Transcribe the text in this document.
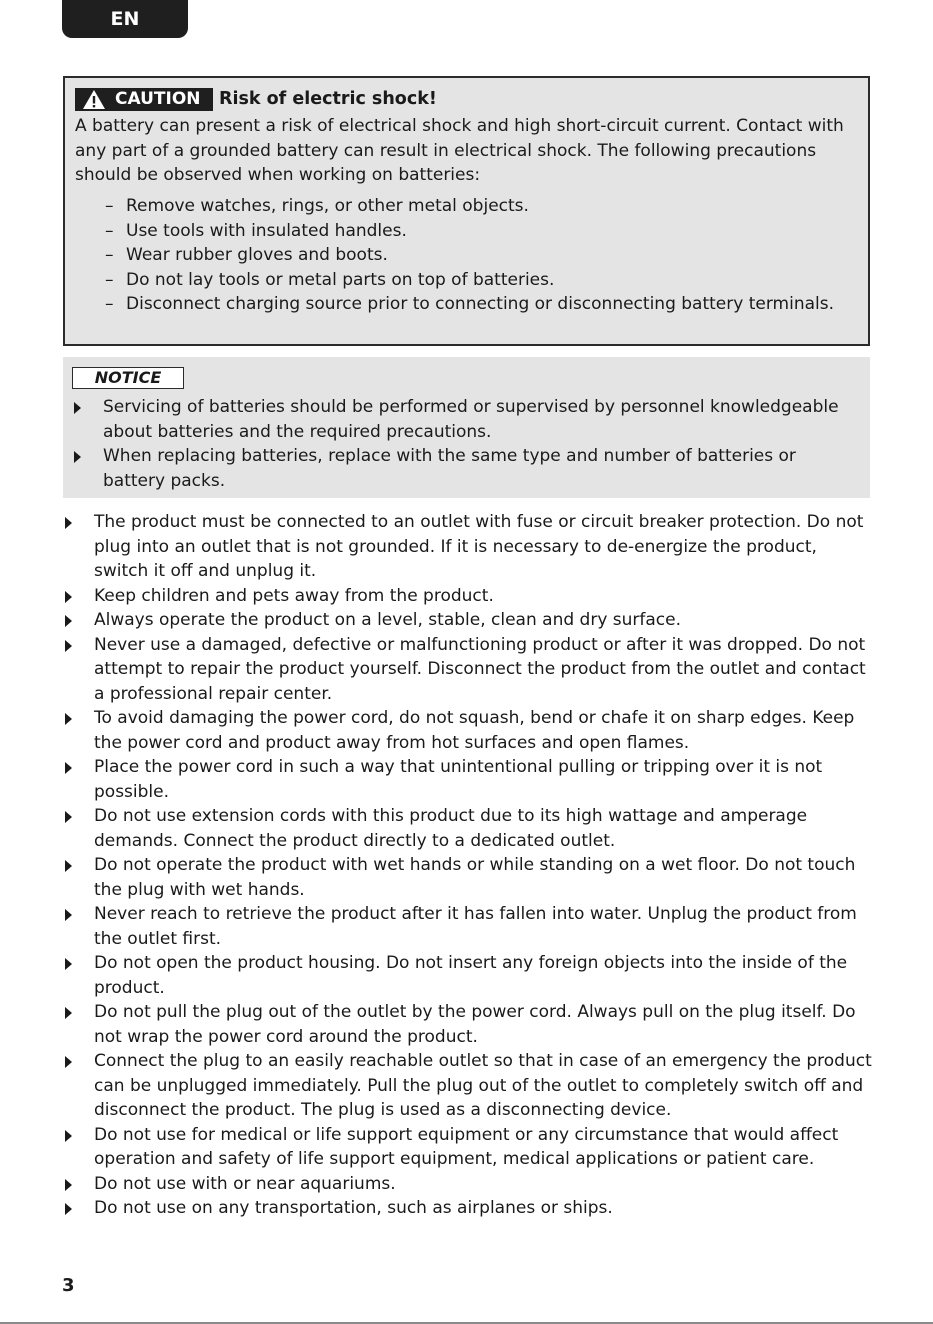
EN
CAUTION Risk of electric shock!

A battery can present a risk of electrical shock and high short-circuit current. Contact with any part of a grounded battery can result in electrical shock. The following precautions should be observed when working on batteries:

– Remove watches, rings, or other metal objects.
– Use tools with insulated handles.
– Wear rubber gloves and boots.
– Do not lay tools or metal parts on top of batteries.
– Disconnect charging source prior to connecting or disconnecting battery terminals.
NOTICE
Servicing of batteries should be performed or supervised by personnel knowledgeable about batteries and the required precautions.
When replacing batteries, replace with the same type and number of batteries or battery packs.
The product must be connected to an outlet with fuse or circuit breaker protection. Do not plug into an outlet that is not grounded. If it is necessary to de-energize the product, switch it off and unplug it.
Keep children and pets away from the product.
Always operate the product on a level, stable, clean and dry surface.
Never use a damaged, defective or malfunctioning product or after it was dropped. Do not attempt to repair the product yourself. Disconnect the product from the outlet and contact a professional repair center.
To avoid damaging the power cord, do not squash, bend or chafe it on sharp edges. Keep the power cord and product away from hot surfaces and open flames.
Place the power cord in such a way that unintentional pulling or tripping over it is not possible.
Do not use extension cords with this product due to its high wattage and amperage demands. Connect the product directly to a dedicated outlet.
Do not operate the product with wet hands or while standing on a wet floor. Do not touch the plug with wet hands.
Never reach to retrieve the product after it has fallen into water. Unplug the product from the outlet first.
Do not open the product housing. Do not insert any foreign objects into the inside of the product.
Do not pull the plug out of the outlet by the power cord. Always pull on the plug itself. Do not wrap the power cord around the product.
Connect the plug to an easily reachable outlet so that in case of an emergency the product can be unplugged immediately. Pull the plug out of the outlet to completely switch off and disconnect the product. The plug is used as a disconnecting device.
Do not use for medical or life support equipment or any circumstance that would affect operation and safety of life support equipment, medical applications or patient care.
Do not use with or near aquariums.
Do not use on any transportation, such as airplanes or ships.
3
